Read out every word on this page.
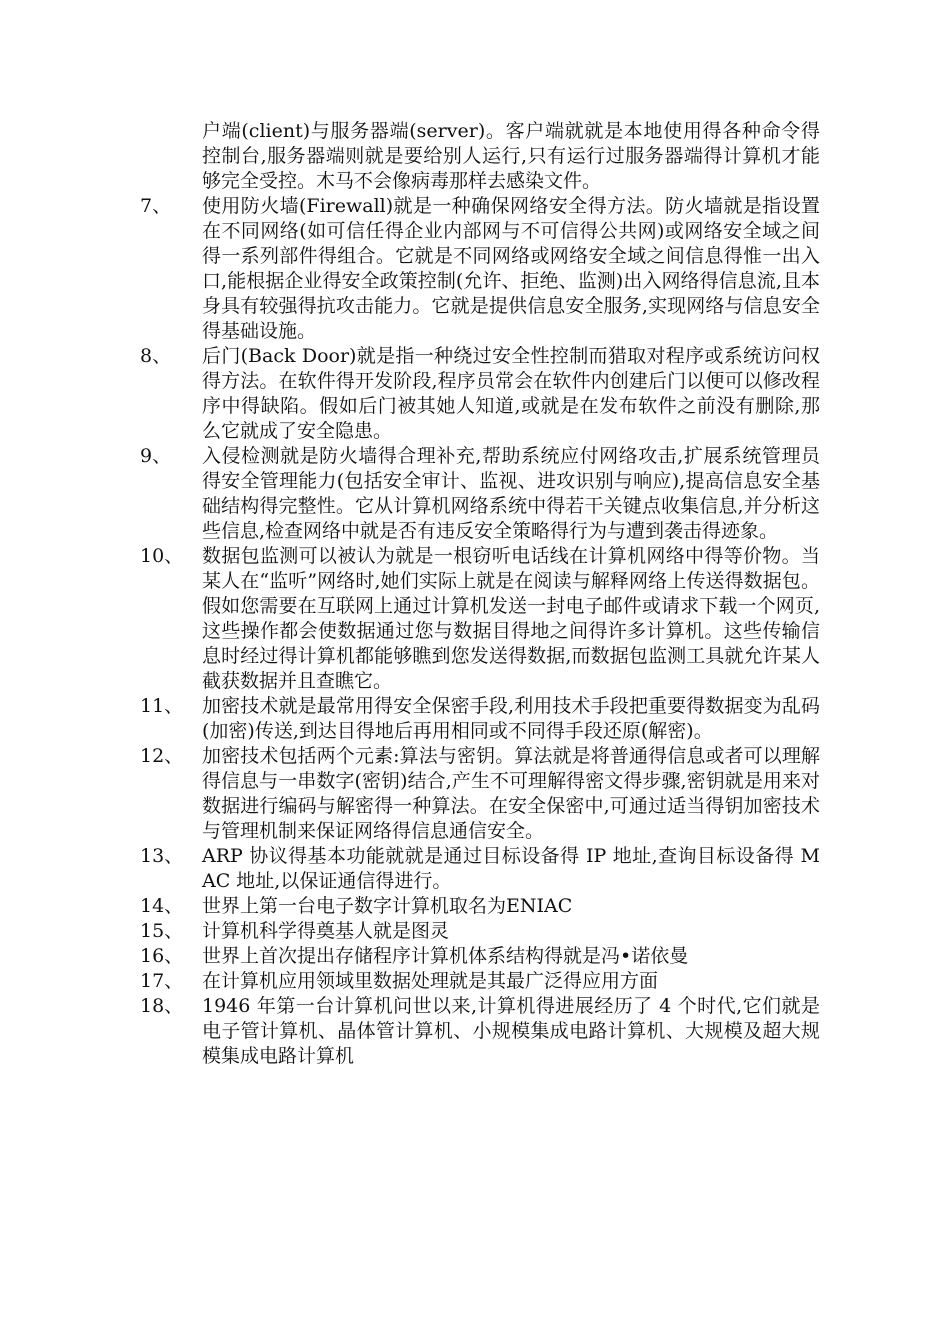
户端(client)与服务器端(server)。客户端就就是本地使用得各种命令得控制台,服务器端则就是要给别人运行,只有运行过服务器端得计算机才能够完全受控。木马不会像病毒那样去感染文件。
7、	使用防火墙(Firewall)就是一种确保网络安全得方法。防火墙就是指设置在不同网络(如可信任得企业内部网与不可信得公共网)或网络安全域之间得一系列部件得组合。它就是不同网络或网络安全域之间信息得惟一出入口,能根据企业得安全政策控制(允许、拒绝、监测)出入网络得信息流,且本身具有较强得抗攻击能力。它就是提供信息安全服务,实现网络与信息安全得基础设施。
8、	后门(Back Door)就是指一种绕过安全性控制而猎取对程序或系统访问权得方法。在软件得开发阶段,程序员常会在软件内创建后门以便可以修改程序中得缺陷。假如后门被其她人知道,或就是在发布软件之前没有删除,那么它就成了安全隐患。
9、	入侵检测就是防火墙得合理补充,帮助系统应付网络攻击,扩展系统管理员得安全管理能力(包括安全审计、监视、进攻识别与响应),提高信息安全基础结构得完整性。它从计算机网络系统中得若干关键点收集信息,并分析这些信息,检查网络中就是否有违反安全策略得行为与遭到袭击得迹象。
10、 数据包监测可以被认为就是一根窃听电话线在计算机网络中得等价物。当某人在“监听”网络时,她们实际上就是在阅读与解释网络上传送得数据包。假如您需要在互联网上通过计算机发送一封电子邮件或请求下载一个网页,这些操作都会使数据通过您与数据目得地之间得许多计算机。这些传输信息时经过得计算机都能够瞧到您发送得数据,而数据包监测工具就允许某人截获数据并且查瞧它。
11、 加密技术就是最常用得安全保密手段,利用技术手段把重要得数据变为乱码(加密)传送,到达目得地后再用相同或不同得手段还原(解密)。
12、 加密技术包括两个元素:算法与密钥。算法就是将普通得信息或者可以理解得信息与一串数字(密钥)结合,产生不可理解得密文得步骤,密钥就是用来对数据进行编码与解密得一种算法。在安全保密中,可通过适当得钥加密技术与管理机制来保证网络得信息通信安全。
13、 ARP 协议得基本功能就就是通过目标设备得 IP 地址,查询目标设备得 MAC 地址,以保证通信得进行。
14、 世界上第一台电子数字计算机取名为ENIAC
15、 计算机科学得奠基人就是图灵
16、 世界上首次提出存储程序计算机体系结构得就是冯•诺依曼
17、 在计算机应用领域里数据处理就是其最广泛得应用方面
18、 1946 年第一台计算机问世以来,计算机得进展经历了 4 个时代,它们就是电子管计算机、晶体管计算机、小规模集成电路计算机、大规模及超大规模集成电路计算机
